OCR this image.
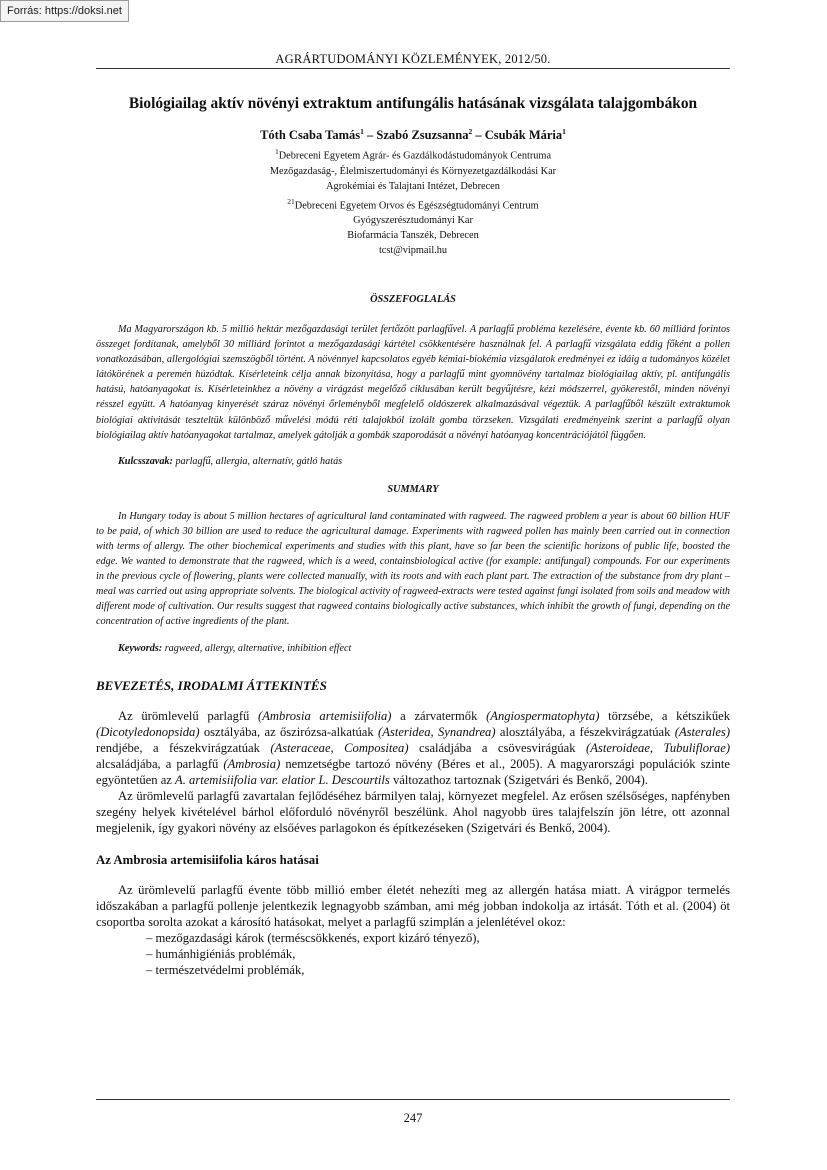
Forrás: https://doksi.net
AGRÁRTUDOMÁNYI KÖZLEMÉNYEK, 2012/50.
Biológiailag aktív növényi extraktum antifungális hatásának vizsgálata talajgombákon
Tóth Csaba Tamás$^1$ – Szabó Zsuzsanna$^2$ – Csubák Mária$^1$
$^1$Debreceni Egyetem Agrár- és Gazdálkodástudományok Centruma
Mezőgazdaság-, Élelmiszertudományi és Környezetgazdálkodási Kar
Agrokémiai és Talajtani Intézet, Debrecen
$^{21}$Debreceni Egyetem Orvos és Egészségtudományi Centrum
Gyógyszerésztudományi Kar
Biofarmácia Tanszék, Debrecen
tcst@vipmail.hu
ÖSSZEFOGLALÁS

Ma Magyarországon kb. 5 millió hektár mezőgazdasági terület fertőzött parlagfűvel. A parlagfű probléma kezelésére, évente kb. 60 milliárd forintos összeget fordítanak, amelyből 30 milliárd forintot a mezőgazdasági kártétel csökkentésére használnak fel. A parlagfű vizsgálata eddig főként a pollen vonatkozásában, allergológiai szemszögből történt. A növénnyel kapcsolatos egyéb kémiai-biokémia vizsgálatok eredményei ez idáig a tudományos közélet látókörének a peremén húzódtak. Kísérleteink célja annak bizonyítása, hogy a parlagfű mint gyomnövény tartalmaz biológiailag aktív, pl. antifungális hatású, hatóanyagokat is. Kísérleteinkhez a növény a virágzást megelőző ciklusában került begyűjtésre, kézi módszerrel, gyökerestől, minden növényi résszel együtt. A hatóanyag kinyerését száraz növényi őrleményből megfelelő oldószerek alkalmazásával végeztük. A parlagfűből készült extraktumok biológiai aktivitását teszteltük különböző művelési módú réti talajokból izolált gomba törzseken. Vizsgálati eredményeink szerint a parlagfű olyan biológiailag aktív hatóanyagokat tartalmaz, amelyek gátolják a gombák szaporodását a növényi hatóanyag koncentrációjától függően.

Kulcsszavak: parlagfű, allergia, alternatív, gátló hatás

SUMMARY

In Hungary today is about 5 million hectares of agricultural land contaminated with ragweed. The ragweed problem a year is about 60 billion HUF to be paid, of which 30 billion are used to reduce the agricultural damage. Experiments with ragweed pollen has mainly been carried out in connection with terms of allergy. The other biochemical experiments and studies with this plant, have so far been the scientific horizons of public life, boosted the edge. We wanted to demonstrate that the ragweed, which is a weed, containsbiological active (for example: antifungal) compounds. For our experiments in the previous cycle of flowering, plants were collected manually, with its roots and with each plant part. The extraction of the substance from dry plant – meal was carried out using appropriate solvents. The biological activity of ragweed-extracts were tested against fungi isolated from soils and meadow with different mode of cultivation. Our results suggest that ragweed contains biologically active substances, which inhibit the growth of fungi, depending on the concentration of active ingredients of the plant.

Keywords: ragweed, allergy, alternative, inhibition effect

BEVEZETÉS, IRODALMI ÁTTEKINTÉS

Az ürömlevelű parlagfű (Ambrosia artemisiifolia) a zárvatermők (Angiospermatophyta) törzsébe, a kétszikűek (Dicotyledonopsida) osztályába, az őszirózsa-alkatúak (Asteridea, Synandrea) alosztályába, a fészekvirágzatúak (Asterales) rendjébe, a fészekvirágzatúak (Asteraceae, Compositea) családjába a csövesvirágúak (Asteroideae, Tubuliflorae) alcsaládjába, a parlagfű (Ambrosia) nemzetségbe tartozó növény (Béres et al., 2005). A magyarországi populációk szinte egyöntetűen az A. artemisiifolia var. elatior L. Descourtils változathoz tartoznak (Szigetvári és Benkő, 2004).

Az ürömlevelű parlagfű zavartalan fejlődéséhez bármilyen talaj, környezet megfelel. Az erősen szélsőséges, napfényben szegény helyek kivételével bárhol előforduló növényről beszélünk. Ahol nagyobb üres talajfelszín jön létre, ott azonnal megjelenik, így gyakori növény az elsőéves parlagokon és építkezéseken (Szigetvári és Benkő, 2004).

Az Ambrosia artemisiifolia káros hatásai

Az ürömlevelű parlagfű évente több millió ember életét nehezíti meg az allergén hatása miatt. A virágpor termelés időszakában a parlagfű pollenje jelentkezik legnagyobb számban, ami még jobban indokolja az irtását. Tóth et al. (2004) öt csoportba sorolta azokat a károsító hatásokat, melyet a parlagfű szimplán a jelenlétével okoz:

– mezőgazdasági károk (terméscsökkenés, export kizáró tényező),
– humánhigiéniás problémák,
– természetvédelmi problémák,
247
